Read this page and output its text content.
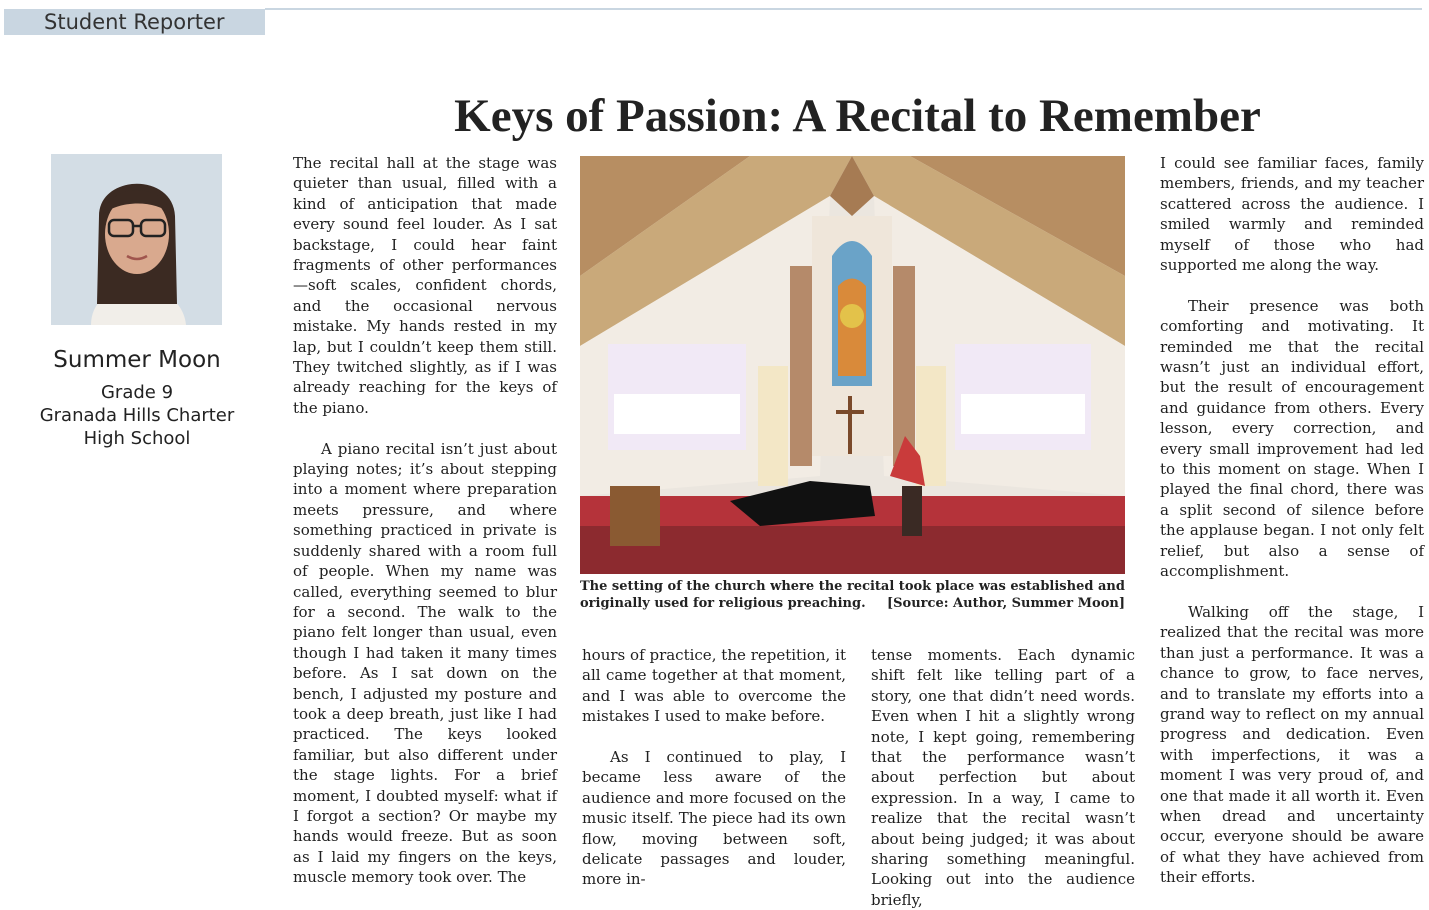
Student Reporter
Keys of Passion: A Recital to Remember
Summer Moon
Grade 9
Granada Hills Charter
High School

The recital hall at the stage was quieter than usual, filled with a kind of anticipation that made every sound feel louder. As I sat backstage, I could hear faint fragments of other performances—soft scales, confident chords, and the occasional nervous mistake. My hands rested in my lap, but I couldn’t keep them still. They twitched slightly, as if I was already reaching for the keys of the piano.

A piano recital isn’t just about playing notes; it’s about stepping into a moment where preparation meets pressure, and where something practiced in private is suddenly shared with a room full of people. When my name was called, everything seemed to blur for a second. The walk to the piano felt longer than usual, even though I had taken it many times before. As I sat down on the bench, I adjusted my posture and took a deep breath, just like I had practiced. The keys looked familiar, but also different under the stage lights. For a brief moment, I doubted myself: what if I forgot a section? Or maybe my hands would freeze. But as soon as I laid my fingers on the keys, muscle memory took over. The

The setting of the church where the recital took place was established and originally used for religious preaching. [Source: Author, Summer Moon]

hours of practice, the repetition, it all came together at that moment, and I was able to overcome the mistakes I used to make before.

As I continued to play, I became less aware of the audience and more focused on the music itself. The piece had its own flow, moving between soft, delicate passages and louder, more in-

tense moments. Each dynamic shift felt like telling part of a story, one that didn’t need words. Even when I hit a slightly wrong note, I kept going, remembering that the performance wasn’t about perfection but about expression. In a way, I came to realize that the recital wasn’t about being judged; it was about sharing something meaningful. Looking out into the audience briefly,

I could see familiar faces, family members, friends, and my teacher scattered across the audience. I smiled warmly and reminded myself of those who had supported me along the way.

Their presence was both comforting and motivating. It reminded me that the recital wasn’t just an individual effort, but the result of encouragement and guidance from others. Every lesson, every correction, and every small improvement had led to this moment on stage. When I played the final chord, there was a split second of silence before the applause began. I not only felt relief, but also a sense of accomplishment.

Walking off the stage, I realized that the recital was more than just a performance. It was a chance to grow, to face nerves, and to translate my efforts into a grand way to reflect on my annual progress and dedication. Even with imperfections, it was a moment I was very proud of, and one that made it all worth it. Even when dread and uncertainty occur, everyone should be aware of what they have achieved from their efforts.
